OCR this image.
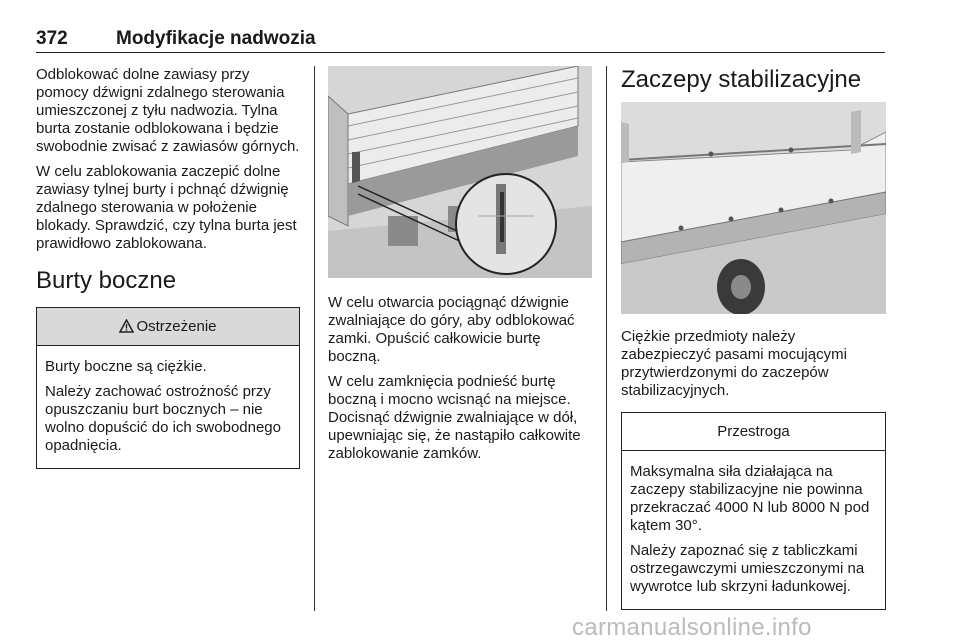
372	Modyfikacje nadwozia

Odblokować dolne zawiasy przy pomocy dźwigni zdalnego sterowania umieszczonej z tyłu nadwozia. Tylna burta zostanie odblokowana i będzie swobodnie zwisać z zawiasów górnych.

W celu zablokowania zaczepić dolne zawiasy tylnej burty i pchnąć dźwignię zdalnego sterowania w położenie blokady. Sprawdzić, czy tylna burta jest prawidłowo zablokowana.

Burty boczne
Ostrzeżenie

Burty boczne są ciężkie.

Należy zachować ostrożność przy opuszczaniu burt bocznych – nie wolno dopuścić do ich swobodnego opadnięcia.

W celu otwarcia pociągnąć dźwignie zwalniające do góry, aby odblokować zamki. Opuścić całkowicie burtę boczną.

W celu zamknięcia podnieść burtę boczną i mocno wcisnąć na miejsce. Docisnąć dźwignie zwalniające w dół, upewniając się, że nastąpiło całkowite zablokowanie zamków.

Zaczepy stabilizacyjne

Ciężkie przedmioty należy zabezpieczyć pasami mocującymi przytwierdzonymi do zaczepów stabilizacyjnych.

Przestroga

Maksymalna siła działająca na zaczepy stabilizacyjne nie powinna przekraczać 4000 N lub 8000 N pod kątem 30°.

Należy zapoznać się z tabliczkami ostrzegawczymi umieszczonymi na wywrotce lub skrzyni ładunkowej.

carmanualsonline.info
